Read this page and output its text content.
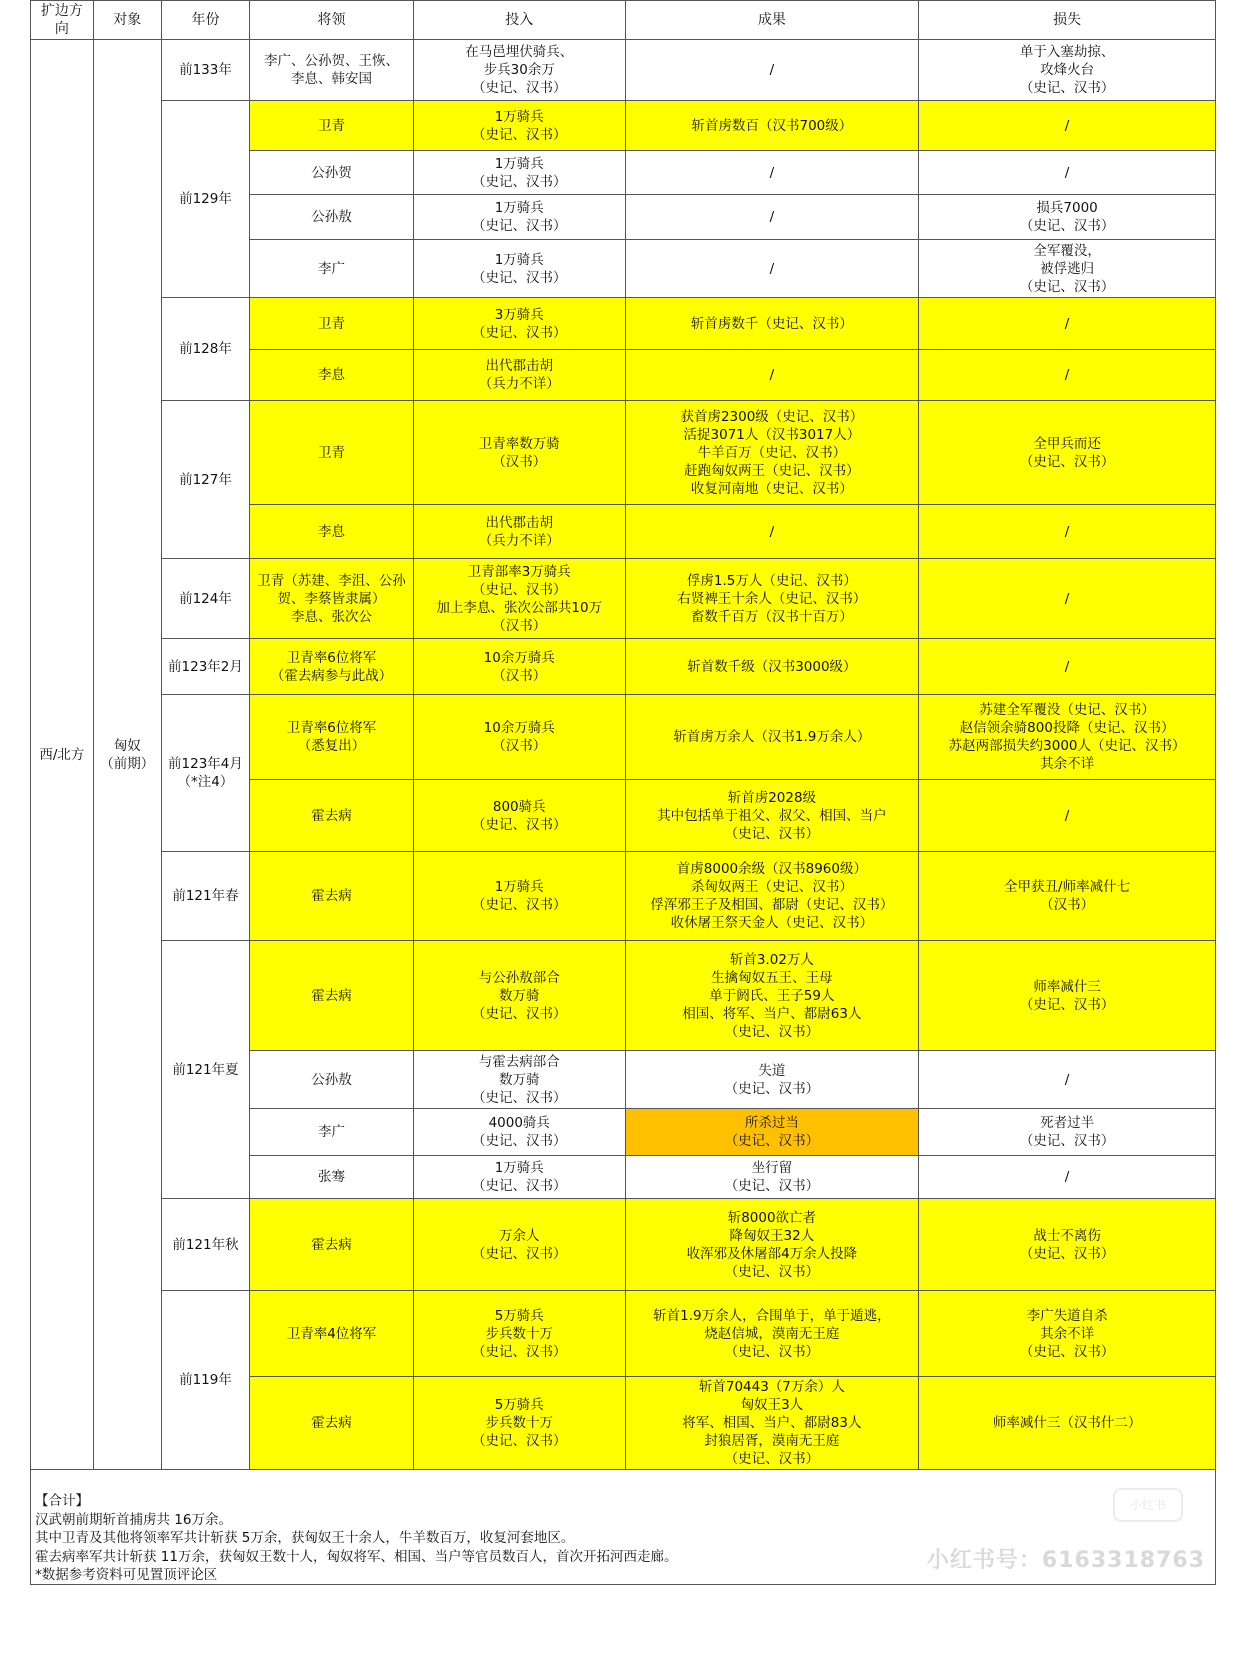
扩边方向	对象	年份	将领	投入	成果	损失
西/北方	匈奴
（前期）	前133年	李广、公孙贺、王恢、
李息、韩安国	在马邑埋伏骑兵、
步兵30余万
（史记、汉书）	/	单于入塞劫掠、
攻烽火台
（史记、汉书）
		前129年	卫青	1万骑兵
（史记、汉书）	斩首虏数百（汉书700级）	/
			公孙贺	1万骑兵
（史记、汉书）	/	/
			公孙敖	1万骑兵
（史记、汉书）	/	损兵7000
（史记、汉书）
			李广	1万骑兵
（史记、汉书）	/	全军覆没，
被俘逃归
（史记、汉书）
		前128年	卫青	3万骑兵
（史记、汉书）	斩首虏数千（史记、汉书）	/
			李息	出代郡击胡
（兵力不详）	/	/
		前127年	卫青	卫青率数万骑
（汉书）	获首虏2300级（史记、汉书）
活捉3071人（汉书3017人）
牛羊百万（史记、汉书）
赶跑匈奴两王（史记、汉书）
收复河南地（史记、汉书）	全甲兵而还
（史记、汉书）
			李息	出代郡击胡
（兵力不详）	/	/
		前124年	卫青（苏建、李沮、公孙贺、李蔡皆隶属）
李息、张次公	卫青部率3万骑兵
（史记、汉书）
加上李息、张次公部共10万
（汉书）	俘虏1.5万人（史记、汉书）
右贤裨王十余人（史记、汉书）
畜数千百万（汉书十百万）	/
		前123年2月	卫青率6位将军
（霍去病参与此战）	10余万骑兵
（汉书）	斩首数千级（汉书3000级）	/
		前123年4月
（*注4）	卫青率6位将军
（悉复出）	10余万骑兵
（汉书）	斩首虏万余人（汉书1.9万余人）	苏建全军覆没（史记、汉书）
赵信领余骑800投降（史记、汉书）
苏赵两部损失约3000人（史记、汉书）
其余不详
			霍去病	800骑兵
（史记、汉书）	斩首虏2028级
其中包括单于祖父、叔父、相国、当户
（史记、汉书）	/
		前121年春	霍去病	1万骑兵
（史记、汉书）	首虏8000余级（汉书8960级）
杀匈奴两王（史记、汉书）
俘浑邪王子及相国、都尉（史记、汉书）
收休屠王祭天金人（史记、汉书）	全甲获丑/师率减什七
（汉书）
		前121年夏	霍去病	与公孙敖部合
数万骑
（史记、汉书）	斩首3.02万人
生擒匈奴五王、王母
单于阏氏、王子59人
相国、将军、当户、都尉63人
（史记、汉书）	师率减什三
（史记、汉书）
			公孙敖	与霍去病部合
数万骑
（史记、汉书）	失道
（史记、汉书）	/
			李广	4000骑兵
（史记、汉书）	所杀过当
（史记、汉书）	死者过半
（史记、汉书）
			张骞	1万骑兵
（史记、汉书）	坐行留
（史记、汉书）	/
		前121年秋	霍去病	万余人
（史记、汉书）	斩8000欲亡者
降匈奴王32人
收浑邪及休屠部4万余人投降
（史记、汉书）	战士不离伤
（史记、汉书）
		前119年	卫青率4位将军	5万骑兵
步兵数十万
（史记、汉书）	斩首1.9万余人，合围单于，单于遁逃，
烧赵信城，漠南无王庭
（史记、汉书）	李广失道自杀
其余不详
（史记、汉书）
			霍去病	5万骑兵
步兵数十万
（史记、汉书）	斩首70443（7万余）人
匈奴王3人
将军、相国、当户、都尉83人
封狼居胥，漠南无王庭
（史记、汉书）	师率减什三（汉书什二）
【合计】
汉武朝前期斩首捕虏共 16万余。
其中卫青及其他将领率军共计斩获 5万余，获匈奴王十余人，牛羊数百万，收复河套地区。
霍去病率军共计斩获 11万余，获匈奴王数十人，匈奴将军、相国、当户等官员数百人，首次开拓河西走廊。
*数据参考资料可见置顶评论区
小红书
小红书号：6163318763
